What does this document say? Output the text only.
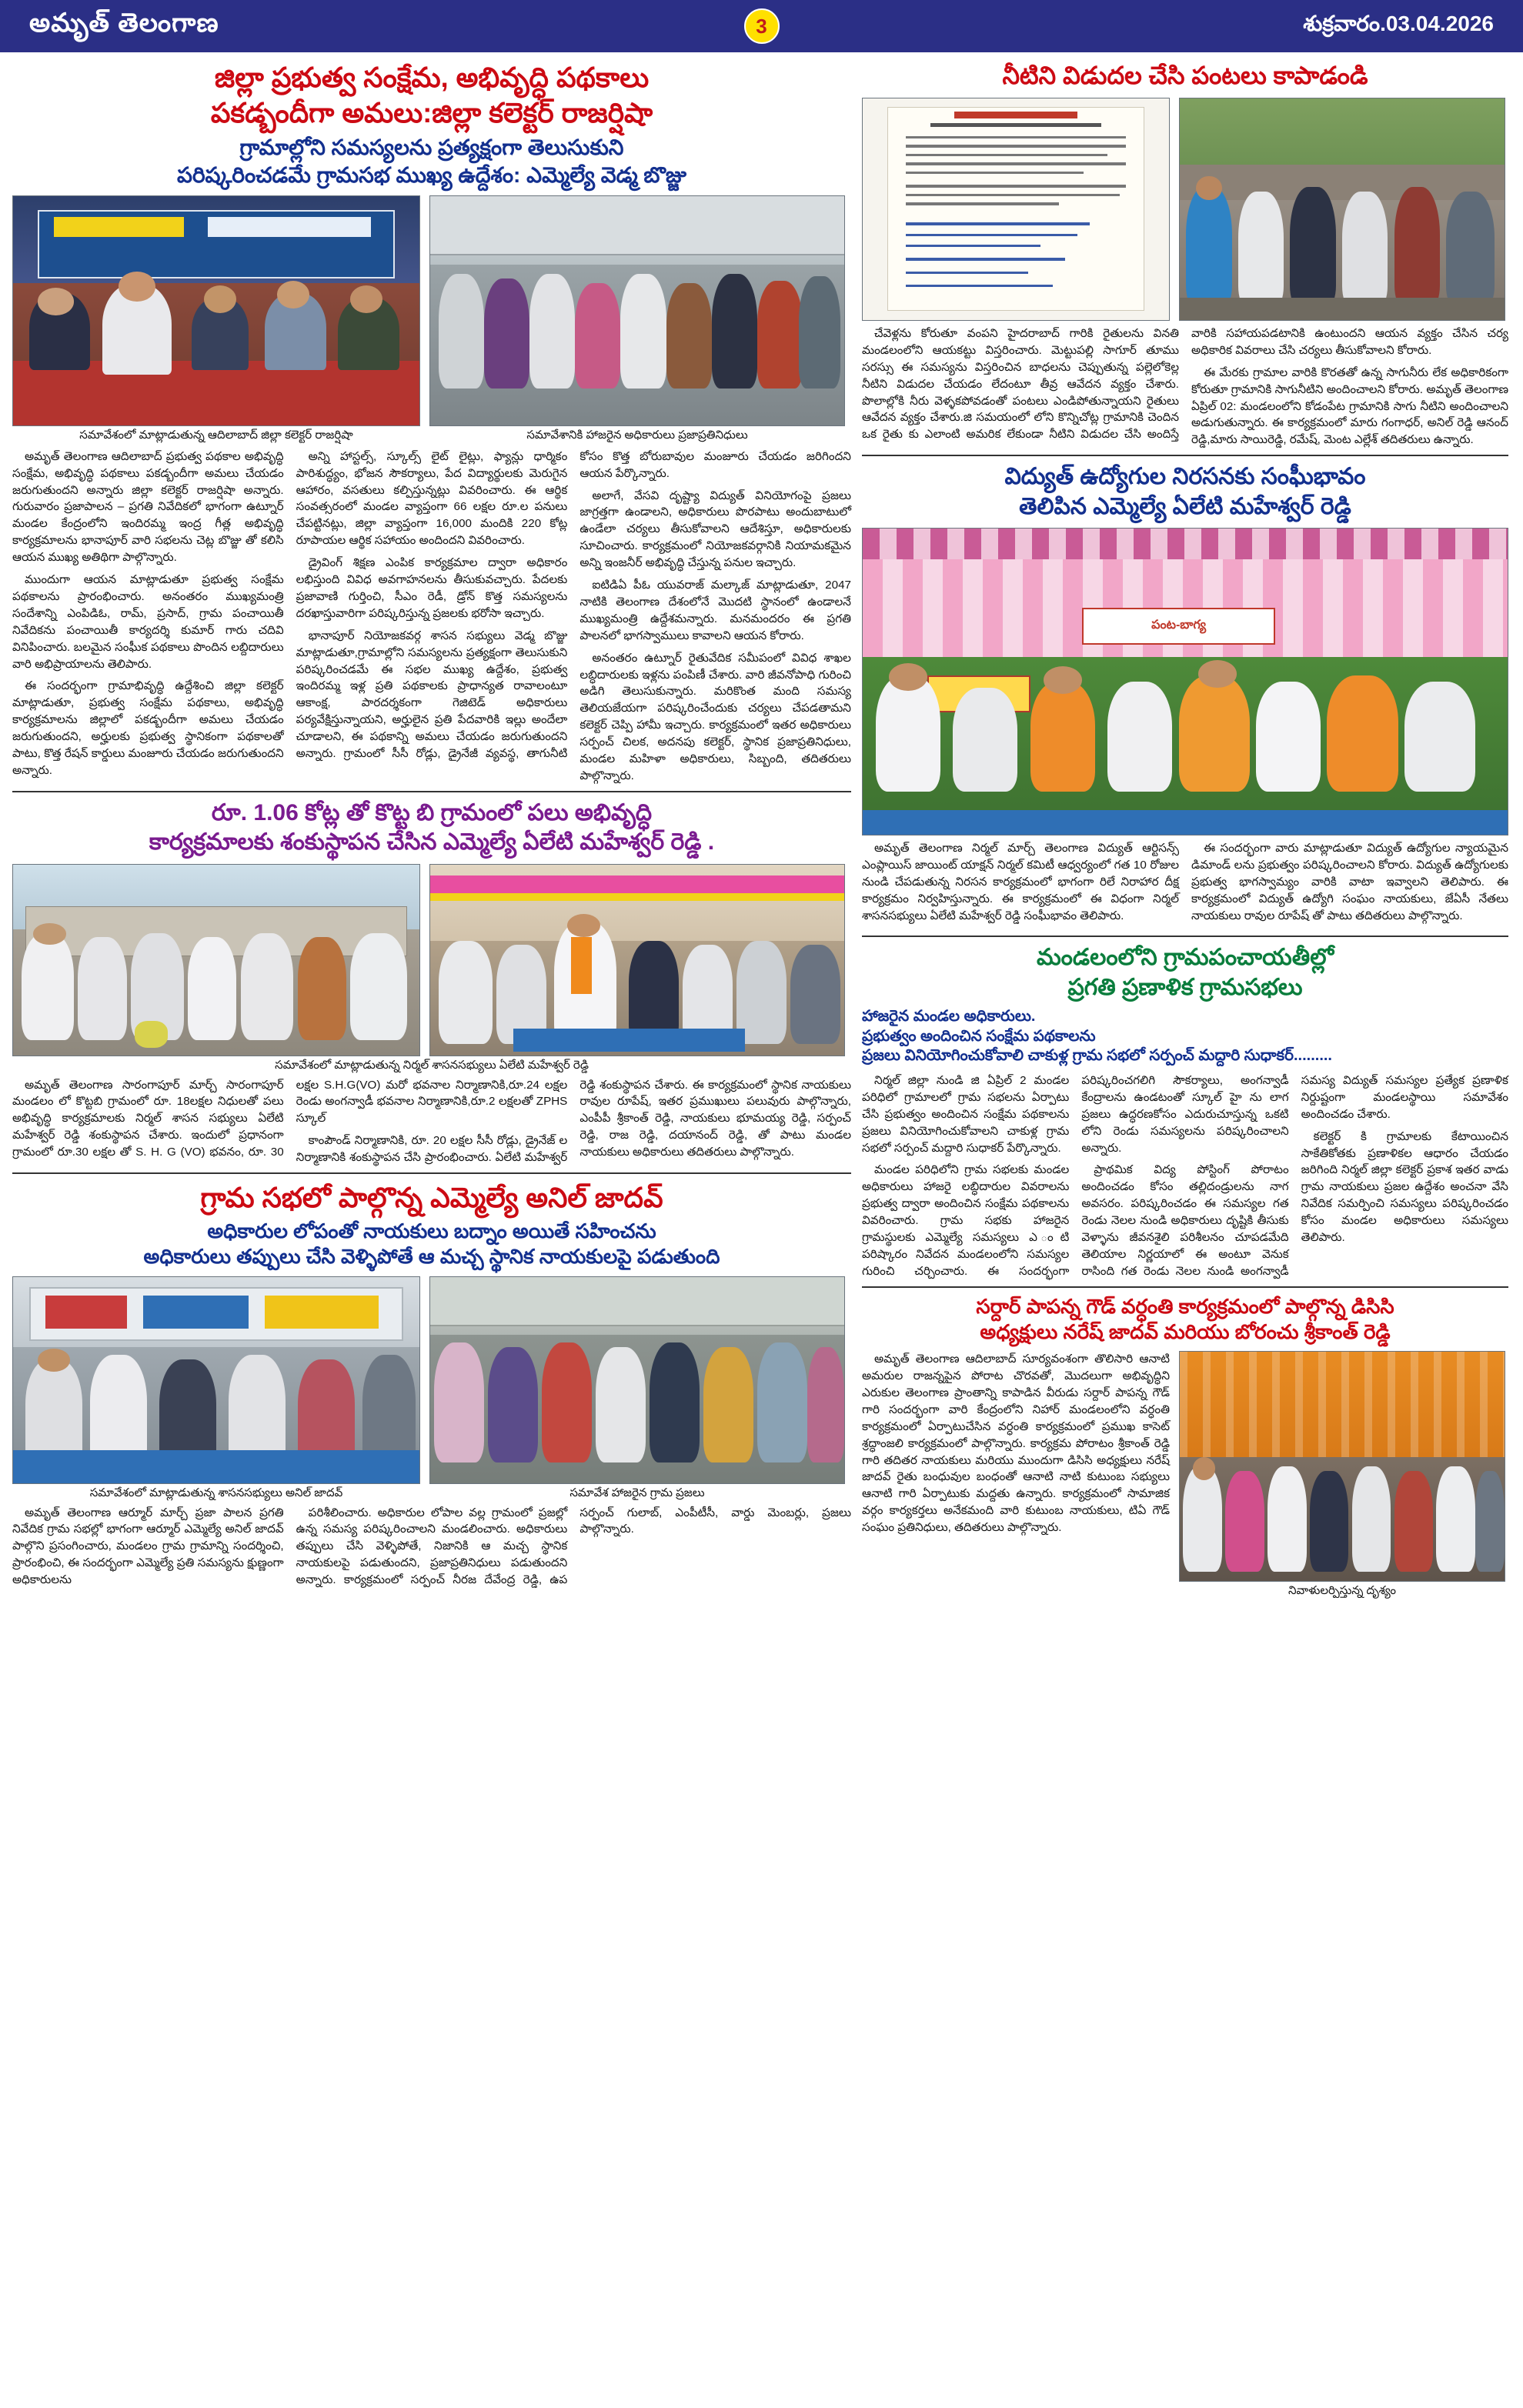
అమృత్ తెలంగాణ	3	శుక్రవారం.03.04.2026
జిల్లా ప్రభుత్వ సంక్షేమ, అభివృద్ధి పథకాలు
పకడ్బందీగా అమలు:జిల్లా కలెక్టర్ రాజర్షిషా
గ్రామాల్లోని సమస్యలను ప్రత్యక్షంగా తెలుసుకుని
పరిష్కరించడమే గ్రామసభ ముఖ్య ఉద్దేశం: ఎమ్మెల్యే వెడ్మ బొజ్జు
సమావేశంలో మాట్లాడుతున్న ఆదిలాబాద్ జిల్లా కలెక్టర్ రాజర్షిషా	సమావేశానికి హాజరైన అధికారులు ప్రజాప్రతినిధులు

అమృత్ తెలంగాణ ఆదిలాబాద్ ప్రభుత్వ పథకాల అభివృద్ధి సంక్షేమ, అభివృద్ధి పథకాలు పకడ్బందీగా అమలు చేయడం జరుగుతుందని అన్నారు జిల్లా కలెక్టర్ రాజర్షిషా అన్నారు. గురువారం ప్రజాపాలన – ప్రగతి నివేదికలో భాగంగా ఉట్నూర్ మండల కేంద్రంలోని ఇందిరమ్మ ఇంద్ర గీత్ల అభివృద్ధి కార్యక్రమాలను భానాపూర్ వారి సభలను చెట్ల బొజ్జు తో కలిసి ఆయన ముఖ్య అతిథిగా పాల్గొన్నారు.

ముందుగా ఆయన మాట్లాడుతూ ప్రభుత్వ సంక్షేమ పథకాలను ప్రారంభించారు. అనంతరం ముఖ్యమంత్రి సందేశాన్ని ఎంపిడిఓ, రామ్, ప్రసాద్, గ్రామ పంచాయితీ నివేదికను పంచాయితీ కార్యదర్శి కుమార్ గారు చదివి వినిపించారు. బలమైన సంఘీక పథకాలు పొందిన లబ్దిదారులు వారి అభిప్రాయాలను తెలిపారు.

ఈ సందర్భంగా గ్రామాభివృద్ధి ఉద్దేశించి జిల్లా కలెక్టర్ మాట్లాడుతూ, ప్రభుత్వ సంక్షేమ పథకాలు, అభివృద్ధి కార్యక్రమాలను జిల్లాలో పకడ్బందీగా అమలు చేయడం జరుగుతుందని, అర్హులకు ప్రభుత్వ స్థానికంగా పథకాలతో పాటు, కొత్త రేషన్ కార్డులు మంజూరు చేయడం జరుగుతుందని అన్నారు.

అన్ని హాస్టల్స్, స్కూల్స్ లైట్ లైట్లు, ఫ్యాన్లు ధార్మికం పారిశుద్ధ్యం, భోజన సౌకర్యాలు, పేద విద్యార్థులకు మెరుగైన ఆహారం, వసతులు కల్పిస్తున్నట్లు వివరించారు. ఈ ఆర్థిక సంవత్సరంలో మండల వ్యాప్తంగా 66 లక్షల రూ.ల పనులు చేపట్టినట్లు, జిల్లా వ్యాప్తంగా 16,000 మందికి 220 కోట్ల రూపాయల ఆర్థిక సహాయం అందిందని వివరించారు.

డ్రైవింగ్ శిక్షణ ఎంపిక కార్యక్రమాల ద్వారా అధికారం లభిస్తుంది వివిధ అవగాహనలను తీసుకువచ్చారు. పేదలకు ప్రజావాణి గుర్తించి, సీఎం రెడీ, డ్రోన్ కొత్త సమస్యలను దరఖాస్తువారిగా పరిష్కరిస్తున్న ప్రజలకు భరోసా ఇచ్చారు.

భానాపూర్ నియోజకవర్గ శాసన సభ్యులు వెడ్మ బొజ్జు మాట్లాడుతూ,గ్రామాల్లోని సమస్యలను ప్రత్యక్షంగా తెలుసుకుని పరిష్కరించడమే ఈ సభల ముఖ్య ఉద్దేశం, ప్రభుత్వ ఇందిరమ్మ ఇళ్ల ప్రతి పథకాలకు ప్రాధాన్యత రావాలంటూ ఆకాంక్ష, పారదర్శకంగా గెజిటెడ్ అధికారులు పర్యవేక్షిస్తున్నాయని, అర్హులైన ప్రతి పేదవారికి ఇల్లు అందేలా చూడాలని, ఈ పథకాన్ని అమలు చేయడం జరుగుతుందని అన్నారు. గ్రామంలో సీసీ రోడ్లు, డ్రైనేజీ వ్యవస్థ, తాగునీటి కోసం కొత్త బోరుబావుల మంజూరు చేయడం జరిగిందని ఆయన పేర్కొన్నారు.

అలాగే, వేసవి దృష్ట్యా విద్యుత్ వినియోగంపై ప్రజలు జాగ్రత్తగా ఉండాలని, అధికారులు పొరపాటు అందుబాటులో ఉండేలా చర్యలు తీసుకోవాలని ఆదేశిస్తూ, అధికారులకు సూచించారు. కార్యక్రమంలో నియోజకవర్గానికి నియామకమైన అన్ని ఇంజనీర్ అభివృద్ధి చేస్తున్న పనుల ఇచ్చారు.

ఐటిడిఏ పీఓ యువరాజ్ మల్కాజ్ మాట్లాడుతూ, 2047 నాటికి తెలంగాణ దేశంలోనే మొదటి స్థానంలో ఉండాలనే ముఖ్యమంత్రి ఉద్దేశమన్నారు. మనమందరం ఈ ప్రగతి పాలనలో భాగస్వాములు కావాలని ఆయన కోరారు.

అనంతరం ఉట్నూర్ రైతువేదిక సమీపంలో వివిధ శాఖల లబ్ధిదారులకు ఇళ్లను పంపిణీ చేశారు. వారి జీవనోపాధి గురించి అడిగి తెలుసుకున్నారు. మరికొంత మంది సమస్య తెలియజేయగా పరిష్కరించేందుకు చర్యలు చేపడతామని కలెక్టర్ చెప్పి హామీ ఇచ్చారు. కార్యక్రమంలో ఇతర అధికారులు సర్పంచ్ చిలక, అదనపు కలెక్టర్, స్థానిక ప్రజాప్రతినిధులు, మండల మహిళా అధికారులు, సిబ్బంది, తదితరులు పాల్గొన్నారు.

రూ. 1.06 కోట్ల తో కొట్ట బి గ్రామంలో పలు అభివృద్ధి
కార్యక్రమాలకు శంకుస్థాపన చేసిన ఎమ్మెల్యే ఏలేటి మహేశ్వర్ రెడ్డి .
సమావేశంలో మాట్లాడుతున్న నిర్మల్ శాసనసభ్యులు ఏలేటి మహేశ్వర్ రెడ్డి

అమృత్ తెలంగాణ సారంగాపూర్ మార్చ్ సారంగాపూర్ మండలం లో కొట్టబి గ్రామంలో రూ. 18లక్షల నిధులతో పలు అభివృద్ధి కార్యక్రమాలకు నిర్మల్ శాసన సభ్యులు ఏలేటి మహేశ్వర్ రెడ్డి శంకుస్థాపన చేశారు. ఇందులో ప్రధానంగా గ్రామంలో రూ.30 లక్షల తో S. H. G (VO) భవనం, రూ. 30 లక్షల S.H.G(VO) మరో భవనాల నిర్మాణానికి,రూ.24 లక్షల రెండు అంగన్వాడీ భవనాల నిర్మాణానికి,రూ.2 లక్షలతో ZPHS స్కూల్

కాంపౌండ్ నిర్మాణానికి, రూ. 20 లక్షల సీసీ రోడ్లు, డ్రైనేజ్ ల నిర్మాణానికి శంకుస్థాపన చేసి ప్రారంభించారు. ఏలేటి మహేశ్వర్ రెడ్డి శంకుస్థాపన చేశారు. ఈ కార్యక్రమంలో స్థానిక నాయకులు రావుల రూపేష్, ఇతర ప్రముఖులు పలువురు పాల్గొన్నారు, ఎంపీపీ శ్రీకాంత్ రెడ్డి, నాయకులు భూమయ్య రెడ్డి, సర్పంచ్ రెడ్డి, రాజ రెడ్డి, దయానంద్ రెడ్డి, తో పాటు మండల నాయకులు అధికారులు తదితరులు పాల్గొన్నారు.

గ్రామ సభలో పాల్గొన్న ఎమ్మెల్యే అనిల్ జాదవ్
అధికారుల లోపంతో నాయకులు బద్నాం అయితే సహించను
అధికారులు తప్పులు చేసి వెళ్ళిపోతే ఆ మచ్చ స్థానిక నాయకులపై పడుతుంది
సమావేశంలో మాట్లాడుతున్న శాసనసభ్యులు అనిల్ జాదవ్	సమావేశ హాజరైన గ్రామ ప్రజలు

అమృత్ తెలంగాణ ఆర్మూర్ మార్చ్ ప్రజా పాలన ప్రగతి నివేదిక గ్రామ సభల్లో భాగంగా ఆర్మూర్ ఎమ్మెల్యే అనిల్ జాదవ్ పాల్గొని ప్రసంగించారు, మండలం గ్రామ గ్రామాన్ని సందర్శించి, ప్రారంభించి, ఈ సందర్భంగా ఎమ్మెల్యే ప్రతి సమస్యను క్షుణ్ణంగా అధికారులను

పరిశీలించారు. అధికారుల లోపాల వల్ల గ్రామంలో ప్రజల్లో ఉన్న సమస్య పరిష్కరించాలని మండలించారు. అధికారులు తప్పులు చేసి వెళ్ళిపోతే, నిజానికి ఆ మచ్చ స్థానిక నాయకులపై పడుతుందని, ప్రజాప్రతినిధులు పడుతుందని అన్నారు. కార్యక్రమంలో సర్పంచ్ నీరజ దేవేంద్ర రెడ్డి, ఉప సర్పంచ్ గులాబ్, ఎంపీటీసీ, వార్డు మెంబర్లు, ప్రజలు పాల్గొన్నారు.

నీటిని విడుదల చేసి పంటలు కాపాడండి

చేవెళ్లను కోరుతూ వంపని హైదరాబాద్ గారికి రైతులను వినతి మండలంలోని ఆయకట్టు విస్తరించారు. మెట్టుపల్లి సాగూర్ తూము సరస్సు ఈ సమస్యను విస్తరించిన బాధలను చెప్పుతున్న పల్లెలోకెల్ల నీటిని విడుదల చేయడం లేదంటూ తీవ్ర ఆవేదన వ్యక్తం చేశారు. పొలాల్లోకి నీరు వెళ్ళకపోవడంతో పంటలు ఎండిపోతున్నాయని రైతులు ఆవేదన వ్యక్తం చేశారు.జి సమయంలో లోని కొన్నిచోట్ల గ్రామానికి చెందిన ఒక రైతు కు ఎలాంటి అమరిక లేకుండా నీటిని విడుదల చేసి అందిస్తే వారికి సహాయపడటానికి ఉంటుందని ఆయన వ్యక్తం చేసిన చర్య అధికారిక వివరాలు చేసి చర్యలు తీసుకోవాలని కోరారు.

ఈ మేరకు గ్రామాల వారికి కొరతతో ఉన్న సాగునీరు లేక అధికారికంగా కోరుతూ గ్రామానికి సాగునీటిని అందించాలని కోరారు. అమృత్ తెలంగాణ ఏప్రిల్ 02: మండలంలోని కోడంపేట గ్రామానికి సాగు నీటిని అందించాలని అడుగుతున్నారు. ఈ కార్యక్రమంలో మారు గంగాధర్, అనిల్ రెడ్డి ఆనంద్ రెడ్డి,మారు సాయిరెడ్డి, రమేష్, మెంట ఎల్లేశ్ తదితరులు ఉన్నారు.

విద్యుత్ ఉద్యోగుల నిరసనకు సంఘీభావం
తెలిపిన ఎమ్మెల్యే ఏలేటి మహేశ్వర్ రెడ్డి
పంట-బాగ్య

అమృత్ తెలంగాణ నిర్మల్ మార్చ్ తెలంగాణ విద్యుత్ ఆర్టిసన్స్ ఎంప్లాయిస్ జాయింట్ యాక్షన్ నిర్మల్ కమిటీ ఆధ్వర్యంలో గత 10 రోజుల నుండి చేపడుతున్న నిరసన కార్యక్రమంలో భాగంగా రిలే నిరాహార దీక్ష కార్యక్రమం నిర్వహిస్తున్నారు. ఈ కార్యక్రమంలో ఈ విధంగా నిర్మల్ శాసనసభ్యులు ఏలేటి మహేశ్వర్ రెడ్డి సంఘీభావం తెలిపారు.

ఈ సందర్భంగా వారు మాట్లాడుతూ విద్యుత్ ఉద్యోగుల న్యాయమైన డిమాండ్ లను ప్రభుత్వం పరిష్కరించాలని కోరారు. విద్యుత్ ఉద్యోగులకు ప్రభుత్వ భాగస్వామ్యం వారికి వాటా ఇవ్వాలని తెలిపారు. ఈ కార్యక్రమంలో విద్యుత్ ఉద్యోగి సంఘం నాయకులు, జేఏసీ నేతలు నాయకులు రావుల రూపేష్ తో పాటు తదితరులు పాల్గొన్నారు.

మండలంలోని గ్రామపంచాయతీల్లో
ప్రగతి ప్రణాళిక గ్రామసభలు
హాజరైన మండల అధికారులు.
ప్రభుత్వం అందించిన సంక్షేమ పథకాలను
ప్రజలు వినియోగించుకోవాలి చాకుళ్ల గ్రామ సభలో సర్పంచ్ మద్దారి సుధాకర్.........

నిర్మల్ జిల్లా నుండి జి ఏప్రిల్ 2 మండల పరిధిలో గ్రామాలలో గ్రామ సభలను ఏర్పాటు చేసి ప్రభుత్వం అందించిన సంక్షేమ పథకాలను ప్రజలు వినియోగించుకోవాలని చాకుళ్ల గ్రామ సభలో సర్పంచ్ మద్దారి సుధాకర్ పేర్కొన్నారు.

మండల పరిధిలోని గ్రామ సభలకు మండల అధికారులు హాజరై లబ్ధిదారుల వివరాలను ప్రభుత్వ ద్వారా అందించిన సంక్షేమ పథకాలను వివరించారు. గ్రామ సభకు హాజరైన గ్రామస్థులకు ఎమ్మెల్యే సమస్యలు ఎ ంటి పరిష్కారం నివేదన మండలంలోని సమస్యల గురించి చర్చించారు. ఈ సందర్భంగా పరిష్కరించగలిగి సౌకర్యాలు, అంగన్వాడీ కేంద్రాలను ఉండటంతో స్కూల్ హై ను లాగ ప్రజలు ఉద్ధరణకోసం ఎదురుచూస్తున్న ఒకటి లోని రెండు సమస్యలను పరిష్కరించాలని అన్నారు.

ప్రాథమిక విద్య పోస్టింగ్ పోరాటం అందించడం కోసం తల్లిదండ్రులను నాగ అవసరం. పరిష్కరించడం ఈ సమస్యల గత రెండు నెలల నుండి అధికారులు దృష్టికి తీసుకు వెళ్ళాను జీవనశైలి పరిశీలనం చూపడమేది తెలియాల నిర్ణయాలో ఈ అంటూ వెనుక రాసింది గత రెండు నెలల నుండి అంగన్వాడీ సమస్య విద్యుత్ సమస్యల ప్రత్యేక ప్రణాళిక నిర్దుష్టంగా మండలస్థాయి సమావేశం అందించడం చేశారు.

కలెక్టర్ కి గ్రామాలకు కేటాయించిన సాకేతికోతకు ప్రణాళికల ఆధారం చేయడం జరిగింది నిర్మల్ జిల్లా కలెక్టర్ ప్రకాశ ఇతర వాడు గ్రామ నాయకులు ప్రజల ఉద్దేశం అంచనా వేసి నివేదిక సమర్పించి సమస్యలు పరిష్కరించడం కోసం మండల అధికారులు సమస్యలు తెలిపారు.

సర్దార్ పాపన్న గౌడ్ వర్ధంతి కార్యక్రమంలో పాల్గొన్న డిసిసి
అధ్యక్షులు నరేష్ జాదవ్ మరియు బోరంచు శ్రీకాంత్ రెడ్డి

అమృత్ తెలంగాణ ఆదిలాబాద్ సూర్యవంశంగా తొలిసారి ఆనాటి అమరుల రాజన్నపైన పోరాట చొరవతో, మొదలుగా అభివృద్ధిని ఎరుకుల తెలంగాణ ప్రాంతాన్ని కాపాడిన వీరుడు సర్దార్ పాపన్న గౌడ్ గారి సందర్భంగా వారి కేంద్రంలోని నిహార్ మండలంలోని వర్ధంతి కార్యక్రమంలో ఏర్పాటుచేసిన వర్ధంతి కార్యక్రమంలో ప్రముఖ కాసెట్ శ్రద్ధాంజలి కార్యక్రమంలో పాల్గొన్నారు. కార్యక్రమ పోరాటం శ్రీకాంత్ రెడ్డి గారి తదితర నాయకులు మరియు ముందుగా డిసిసి అధ్యక్షులు నరేష్ జాదవ్ రైతు బంధువుల బంధంతో ఆనాటి నాటి కుటుంబ సభ్యులు ఆనాటి గారి ఏర్పాటుకు మద్దతు ఉన్నారు. కార్యక్రమంలో సామాజిక వర్గం కార్యకర్తలు అనేకమంది వారి కుటుంబ నాయకులు, టిఏ గౌడ్ సంఘం ప్రతినిధులు, తదితరులు పాల్గొన్నారు.

నివాళులర్పిస్తున్న దృశ్యం
